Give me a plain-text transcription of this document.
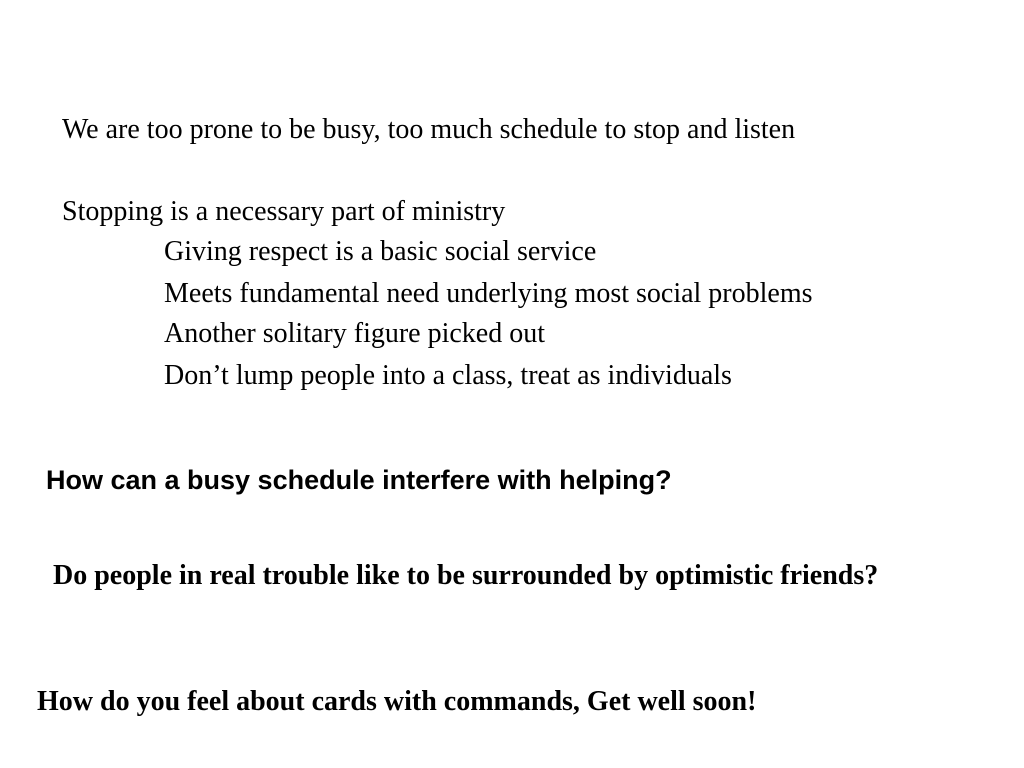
We are too prone to be busy, too much schedule to stop and listen
Stopping is a necessary part of ministry
Giving respect is a basic social service
Meets fundamental need underlying most social problems
Another solitary figure picked out
Don’t lump people into a class, treat as individuals
How can a busy schedule interfere with helping?
Do people in real trouble like to be surrounded by optimistic friends?
How do you feel about cards with commands, Get well soon!
